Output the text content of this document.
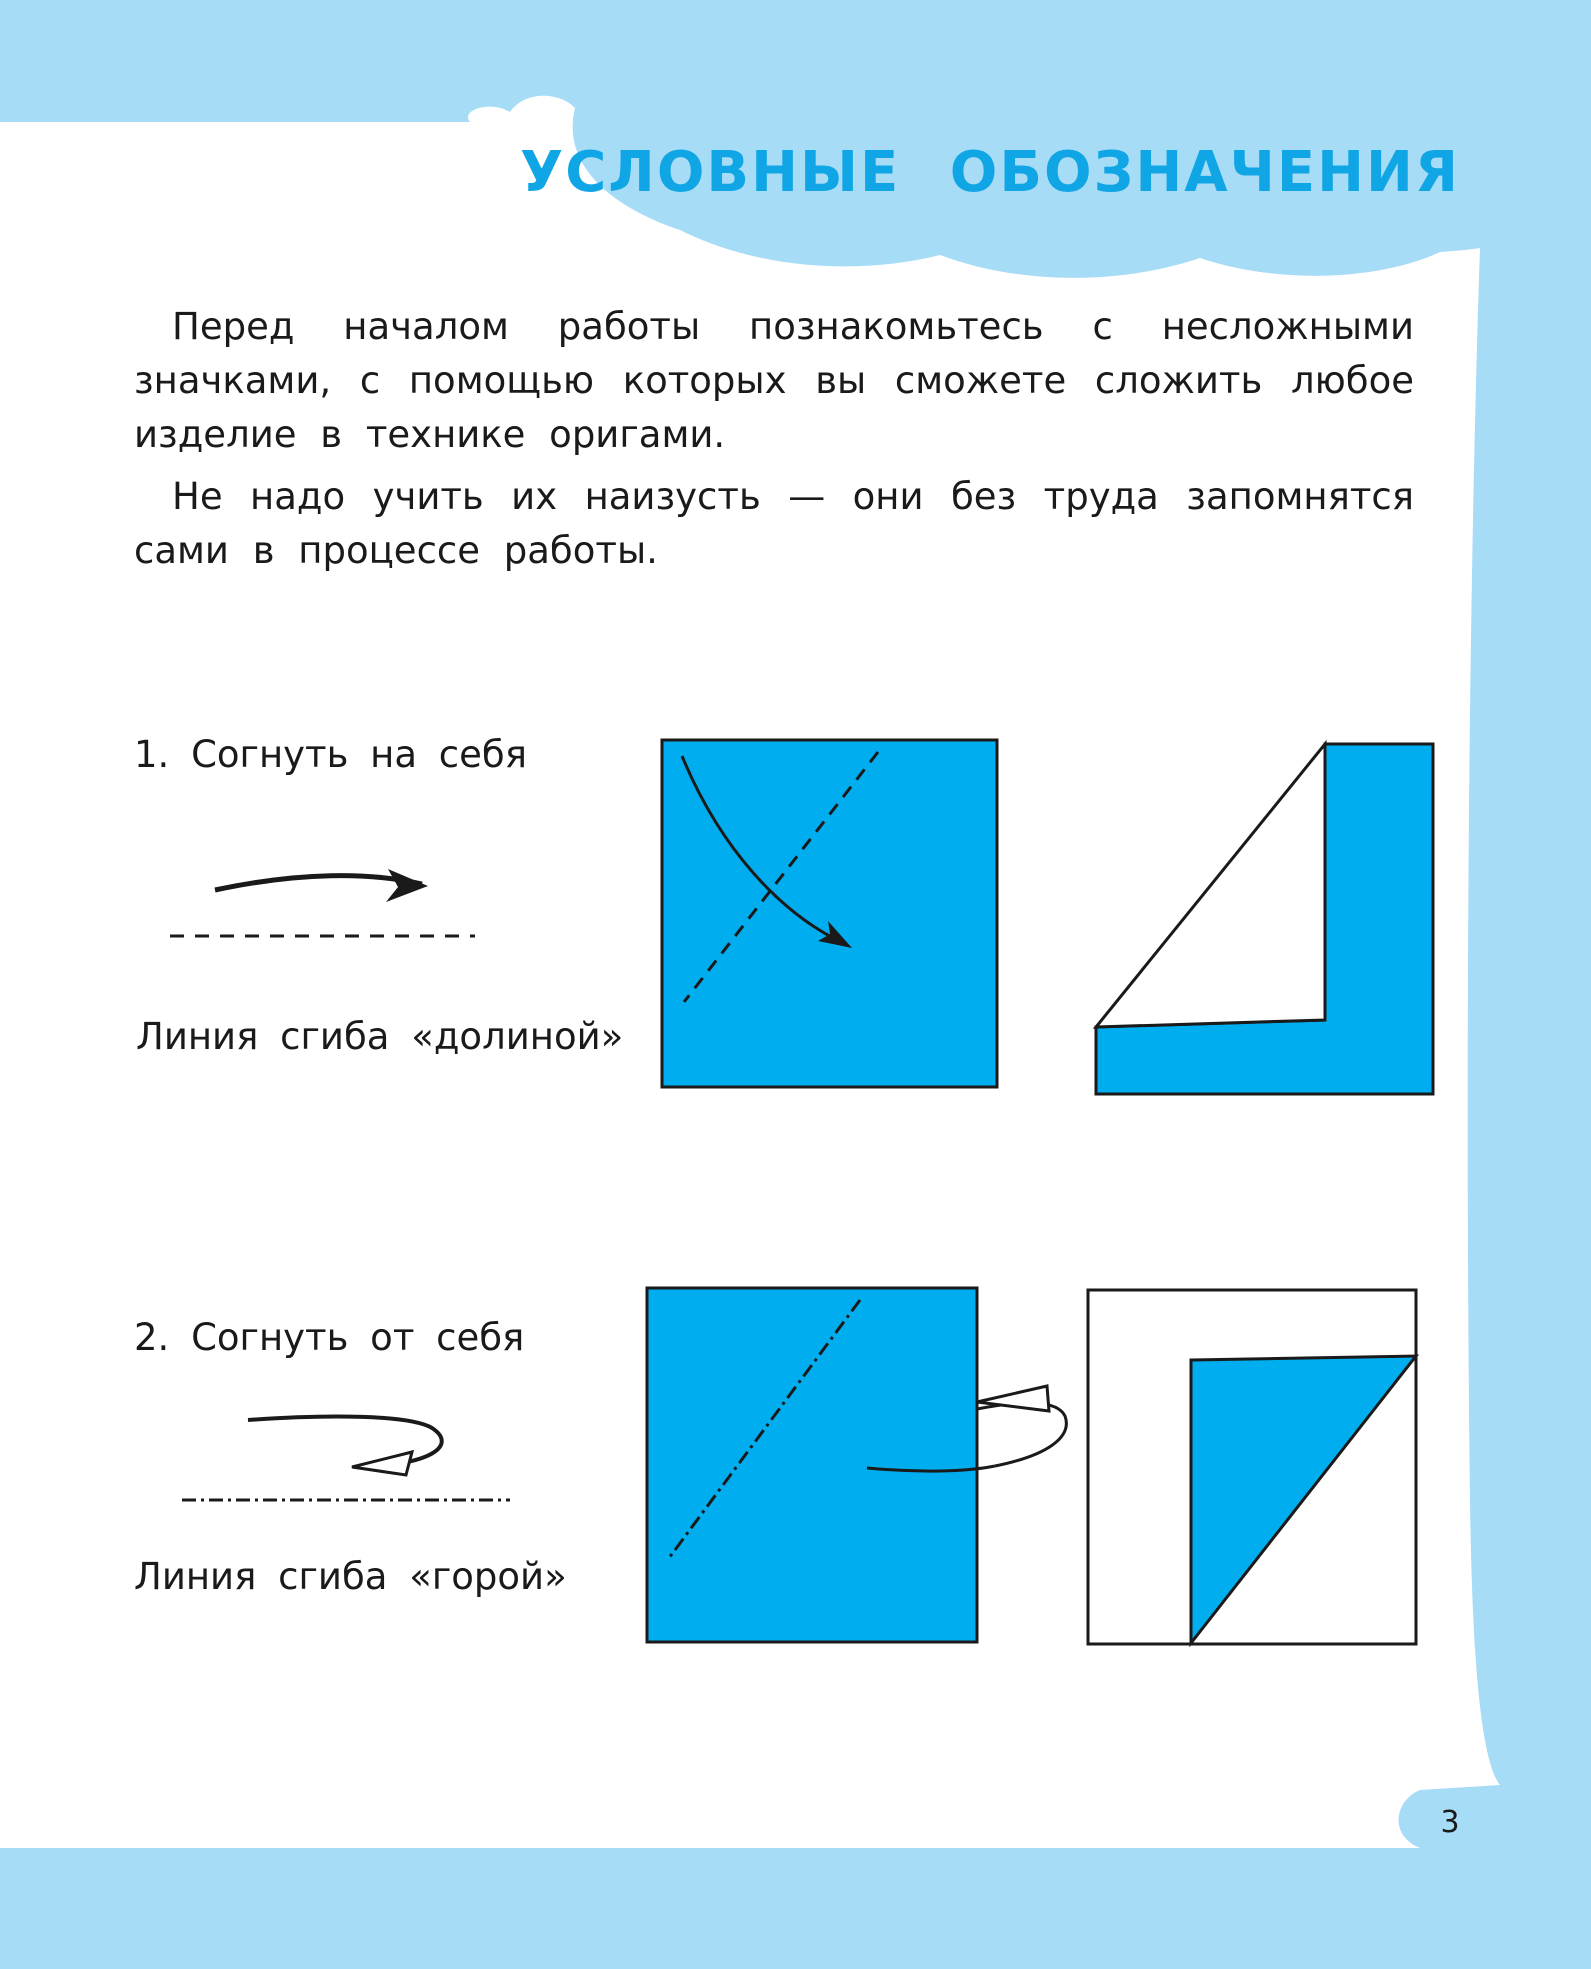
УСЛОВНЫЕ ОБОЗНАЧЕНИЯ

Перед началом работы познакомьтесь с несложными значками, с помощью которых вы сможете сложить любое изделие в технике оригами.

Не надо учить их наизусть — они без труда запомнятся сами в процессе работы.

1. Согнуть на себя
Линия сгиба «долиной»
2. Согнуть от себя
Линия сгиба «горой»
3
